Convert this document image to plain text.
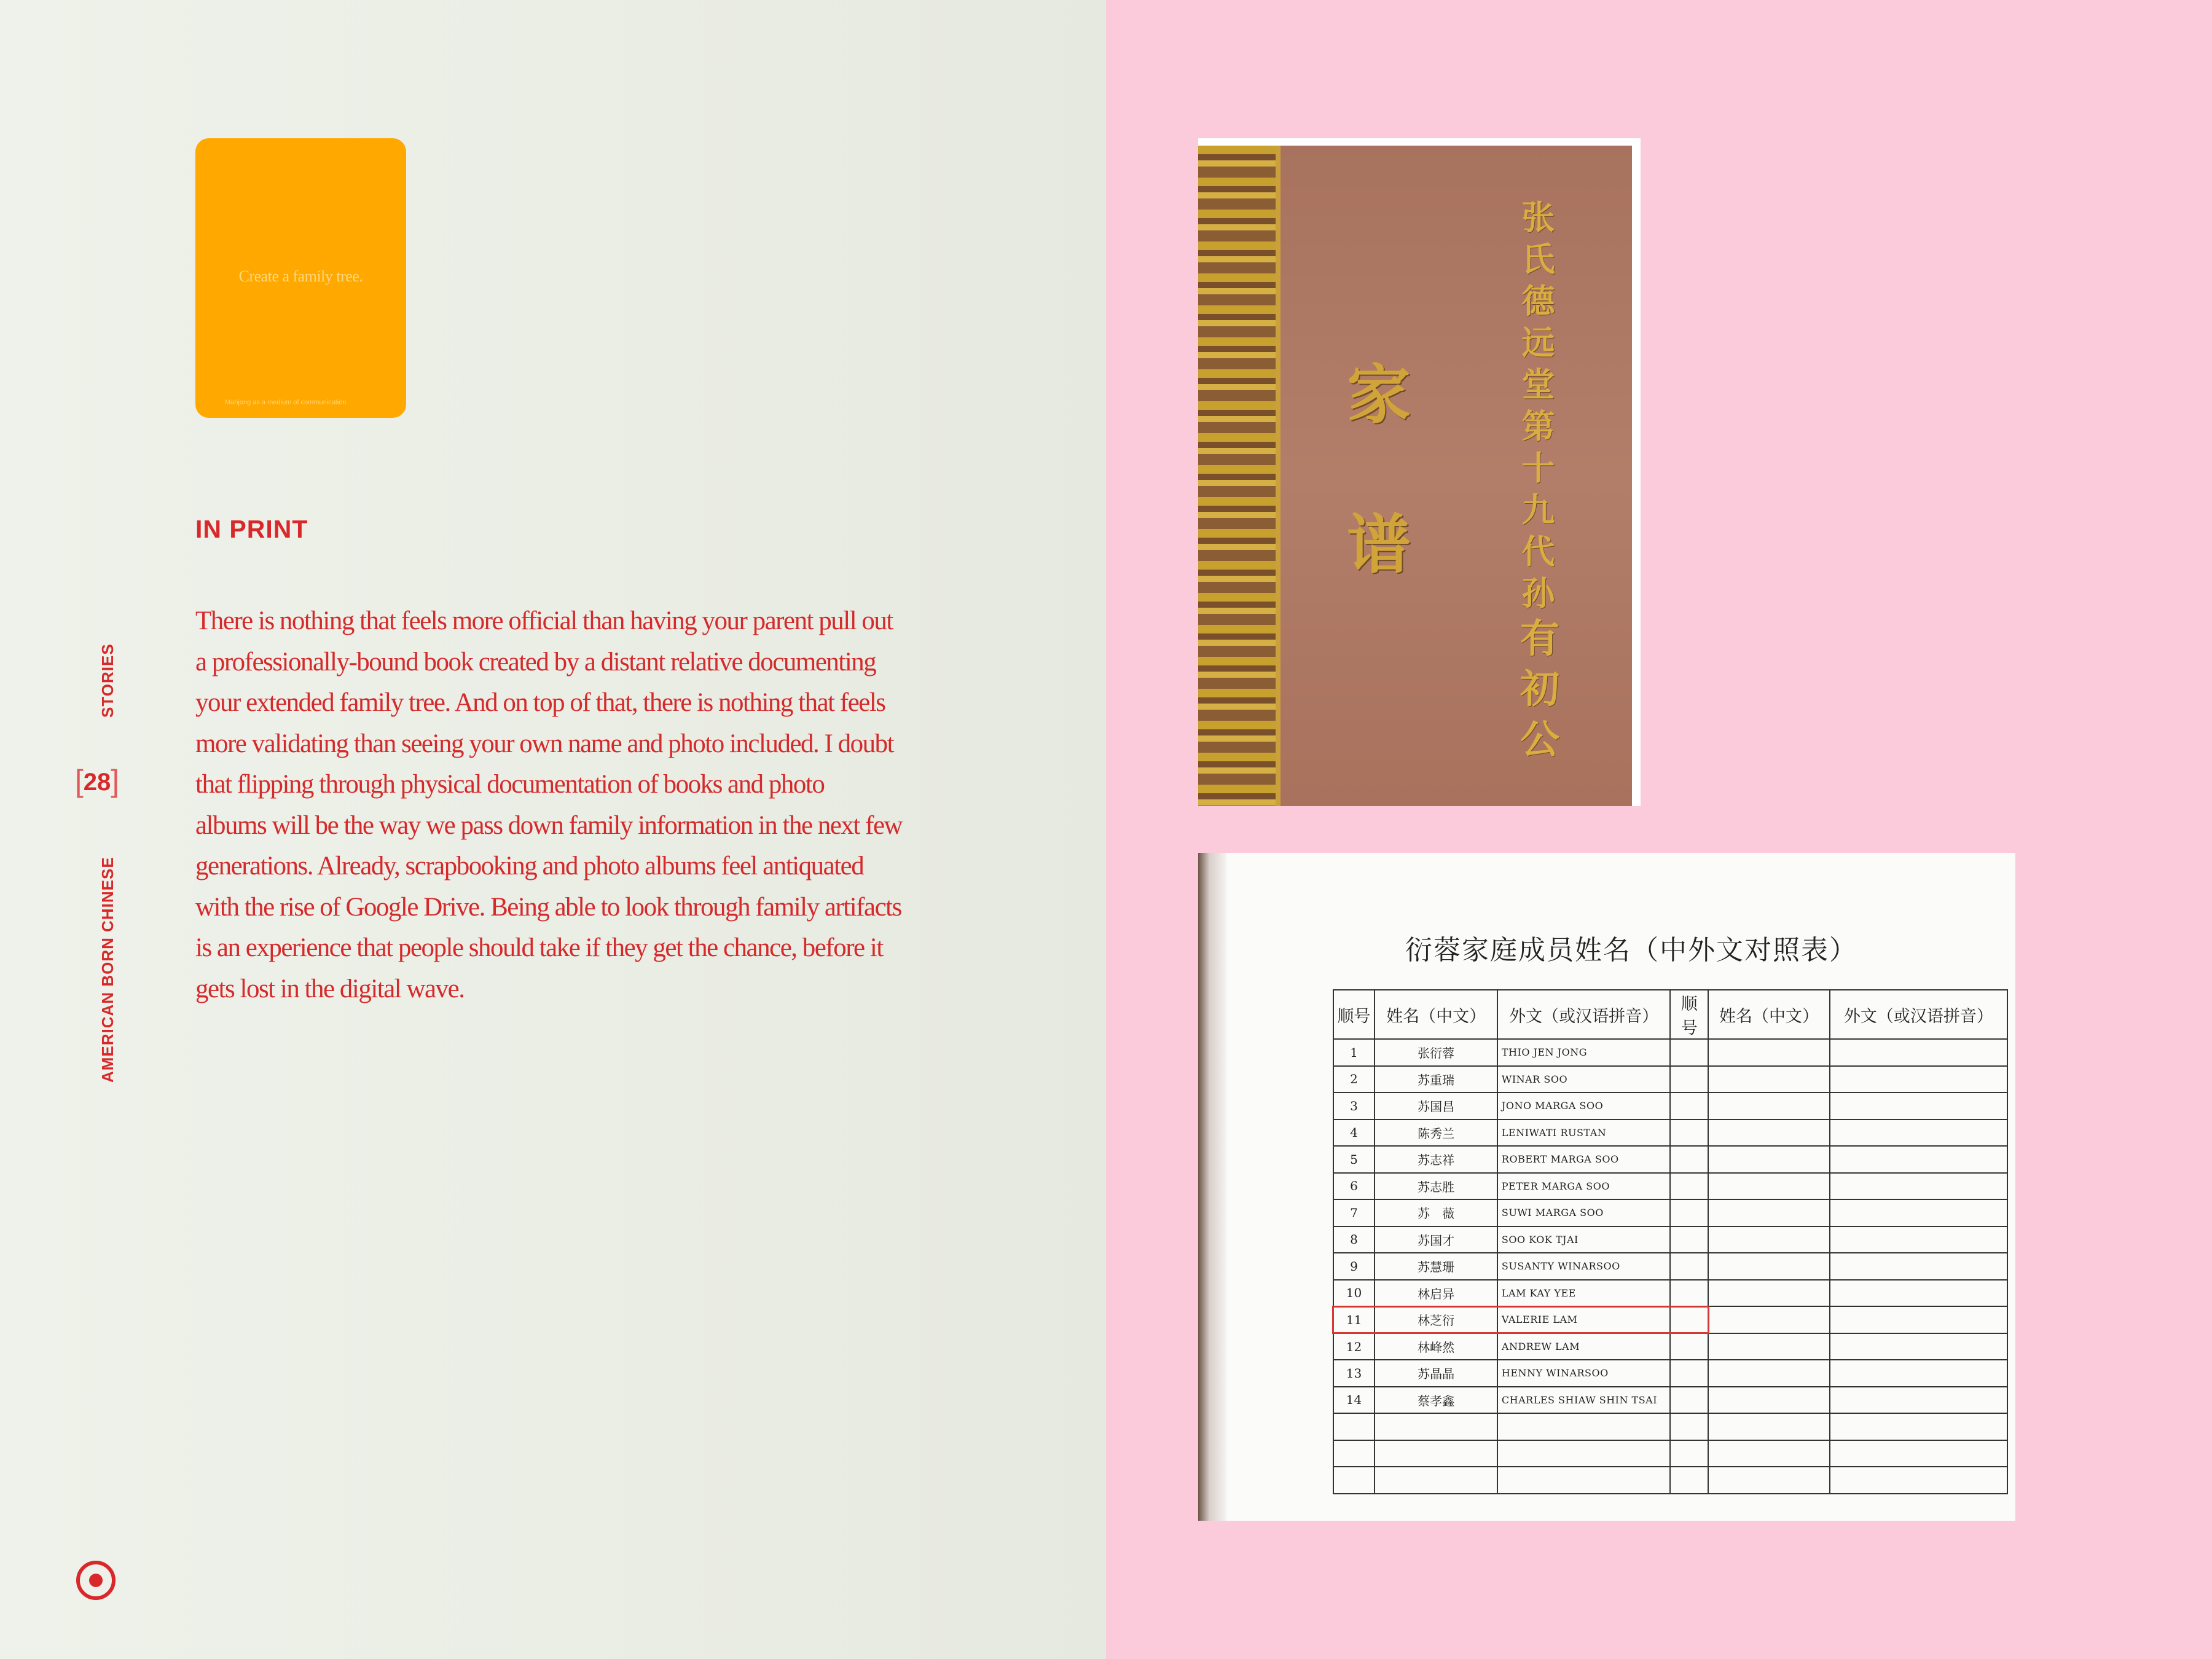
Create a family tree.
Mahjong as a medium of communication
IN PRINT
There is nothing that feels more official than having your parent pull out
a professionally-bound book created by a distant relative documenting
your extended family tree. And on top of that, there is nothing that feels
more validating than seeing your own name and photo included. I doubt
that flipping through physical documentation of books and photo
albums will be the way we pass down family information in the next few
generations. Already, scrapbooking and photo albums feel antiquated
with the rise of Google Drive. Being able to look through family artifacts
is an experience that people should take if they get the chance, before it
gets lost in the digital wave.
STORIES
[28]
AMERICAN BORN CHINESE
家谱	张氏德远堂第十九代孙有初公
衍蓉家庭成员姓名（中外文对照表）
顺号	姓名（中文）	外文（或汉语拼音）	顺号	姓名（中文）	外文（或汉语拼音）
1	张衍蓉	THIO JEN JONG			
2	苏重瑞	WINAR SOO			
3	苏国昌	JONO MARGA SOO			
4	陈秀兰	LENIWATI RUSTAN			
5	苏志祥	ROBERT MARGA SOO			
6	苏志胜	PETER MARGA SOO			
7	苏　薇	SUWI MARGA SOO			
8	苏国才	SOO KOK TJAI			
9	苏慧珊	SUSANTY WINARSOO			
10	林启异	LAM KAY YEE			
11	林芝衍	VALERIE LAM			
12	林峰然	ANDREW LAM			
13	苏晶晶	HENNY WINARSOO			
14	蔡孝鑫	CHARLES SHIAW SHIN TSAI			
